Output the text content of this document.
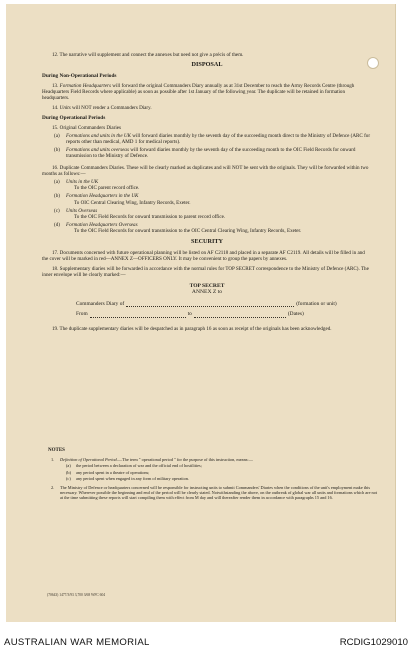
12. The narrative will supplement and connect the annexes but need not give a précis of them.

DISPOSAL
During Non-Operational Periods

13. Formation Headquarters will forward the original Commanders Diary annually as at 31st December to reach the Army Records Centre (through Headquarters Field Records where applicable) as soon as possible after 1st January of the following year. The duplicate will be retained in formation headquarters.

14. Units will NOT render a Commanders Diary.

During Operational Periods

15. Original Commanders Diaries

(a) Formations and units in the UK will forward diaries monthly by the seventh day of the succeeding month direct to the Ministry of Defence (ARC for reports other than medical, AMD 1 for medical reports).

(b) Formations and units overseas will forward diaries monthly by the seventh day of the succeeding month to the OIC Field Records for onward transmission to the Ministry of Defence.

16. Duplicate Commanders Diaries. These will be clearly marked as duplicates and will NOT be sent with the originals. They will be forwarded within two months as follows:—

(a) Units in the UK
To the OIC parent record office.

(b) Formation Headquarters in the UK
To OIC Central Clearing Wing, Infantry Records, Exeter.

(c) Units Overseas
To the OIC Field Records for onward transmission to parent record office.

(d) Formation Headquarters Overseas

To the OIC Field Records for onward transmission to the OIC Central Clearing Wing, Infantry Records, Exeter.

SECURITY

17. Documents concerned with future operational planning will be listed on AF C2118 and placed in a separate AF C2119. All details will be filled in and the cover will be marked in red—ANNEX Z—OFFICERS ONLY. It may be convenient to group the papers by annexes.

18. Supplementary diaries will be forwarded in accordance with the normal rules for TOP SECRET correspondence to the Ministry of Defence (ARC). The inner envelope will be clearly marked:—

TOP SECRET
ANNEX Z to
Commanders Diary of	(formation or unit)
From	to	(Dates)

19. The duplicate supplementary diaries will be despatched as in paragraph 16 as soon as receipt of the originals has been acknowledged.

NOTES

1. Definition of Operational Period.—The term " operational period " for the purpose of this instruction, means:—

(a) the period between a declaration of war and the official end of hostilities;

(b) any period spent in a theatre of operations;

(c) any period spent when engaged in any form of military operation.

2. The Ministry of Defence or headquarters concerned will be responsible for instructing units to submit Commanders' Diaries when the conditions of the unit's employment make this necessary. Wherever possible the beginning and end of the period will be clearly stated. Notwithstanding the above, on the outbreak of global war all units and formations which are not at the time submitting these reports will start compiling them with effect from M day and will thereafter render them in accordance with paragraphs 15 and 16.

(70643) 1477/3/93 3,700 3/68 WFC 604
AUSTRALIAN WAR MEMORIAL	RCDIG1029010
